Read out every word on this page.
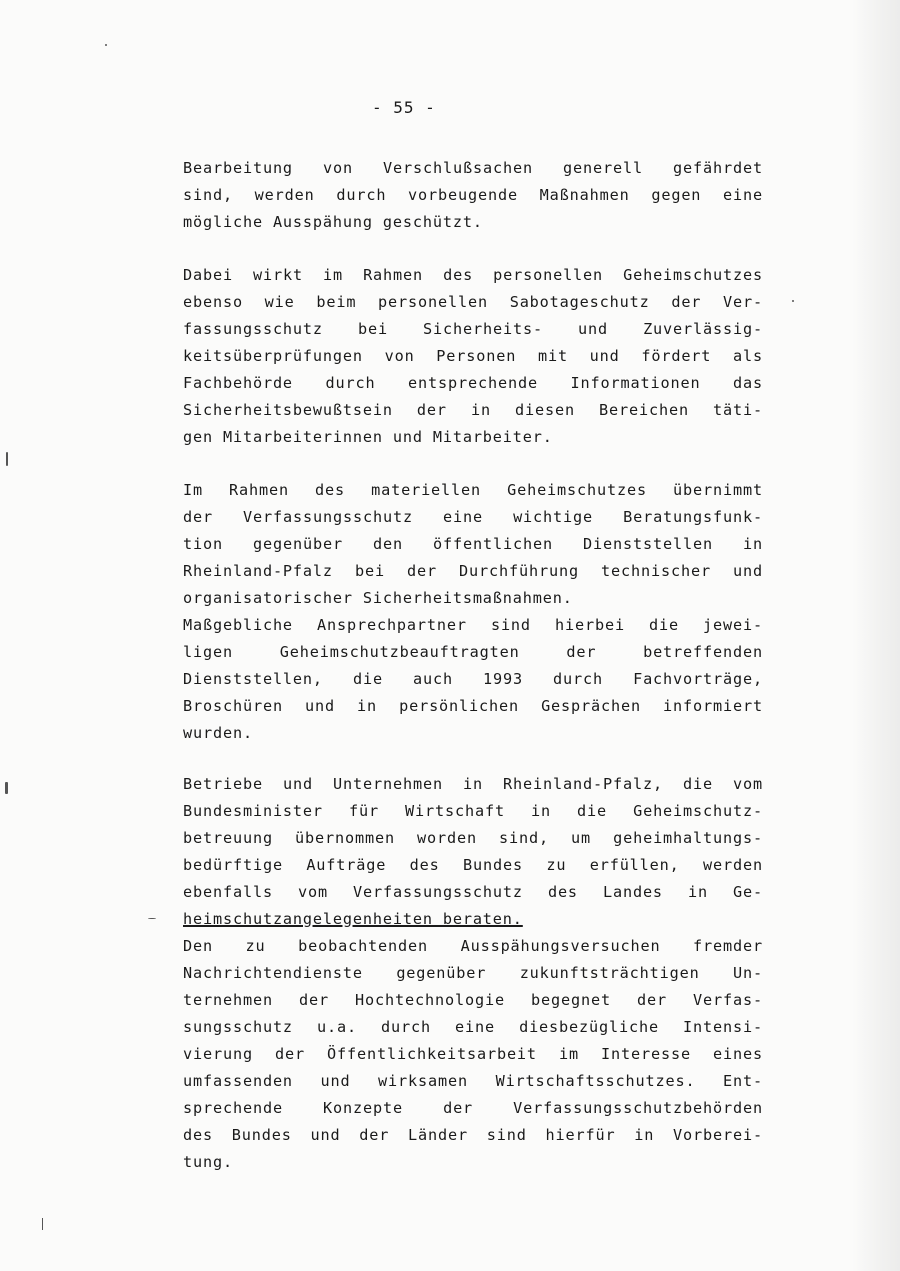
- 55 -
Bearbeitung von Verschlußsachen generell gefährdet
sind, werden durch vorbeugende Maßnahmen gegen eine
mögliche Ausspähung geschützt.
Dabei wirkt im Rahmen des personellen Geheimschutzes
ebenso wie beim personellen Sabotageschutz der Ver-
fassungsschutz bei Sicherheits- und Zuverlässig-
keitsüberprüfungen von Personen mit und fördert als
Fachbehörde durch entsprechende Informationen das
Sicherheitsbewußtsein der in diesen Bereichen täti-
gen Mitarbeiterinnen und Mitarbeiter.
Im Rahmen des materiellen Geheimschutzes übernimmt
der Verfassungsschutz eine wichtige Beratungsfunk-
tion gegenüber den öffentlichen Dienststellen in
Rheinland-Pfalz bei der Durchführung technischer und
organisatorischer Sicherheitsmaßnahmen.
Maßgebliche Ansprechpartner sind hierbei die jewei-
ligen Geheimschutzbeauftragten der betreffenden
Dienststellen, die auch 1993 durch Fachvorträge,
Broschüren und in persönlichen Gesprächen informiert
wurden.
Betriebe und Unternehmen in Rheinland-Pfalz, die vom
Bundesminister für Wirtschaft in die Geheimschutz-
betreuung übernommen worden sind, um geheimhaltungs-
bedürftige Aufträge des Bundes zu erfüllen, werden
ebenfalls vom Verfassungsschutz des Landes in Ge-
heimschutzangelegenheiten beraten.
Den zu beobachtenden Ausspähungsversuchen fremder
Nachrichtendienste gegenüber zukunftsträchtigen Un-
ternehmen der Hochtechnologie begegnet der Verfas-
sungsschutz u.a. durch eine diesbezügliche Intensi-
vierung der Öffentlichkeitsarbeit im Interesse eines
umfassenden und wirksamen Wirtschaftsschutzes. Ent-
sprechende Konzepte der Verfassungsschutzbehörden
des Bundes und der Länder sind hierfür in Vorberei-
tung.
